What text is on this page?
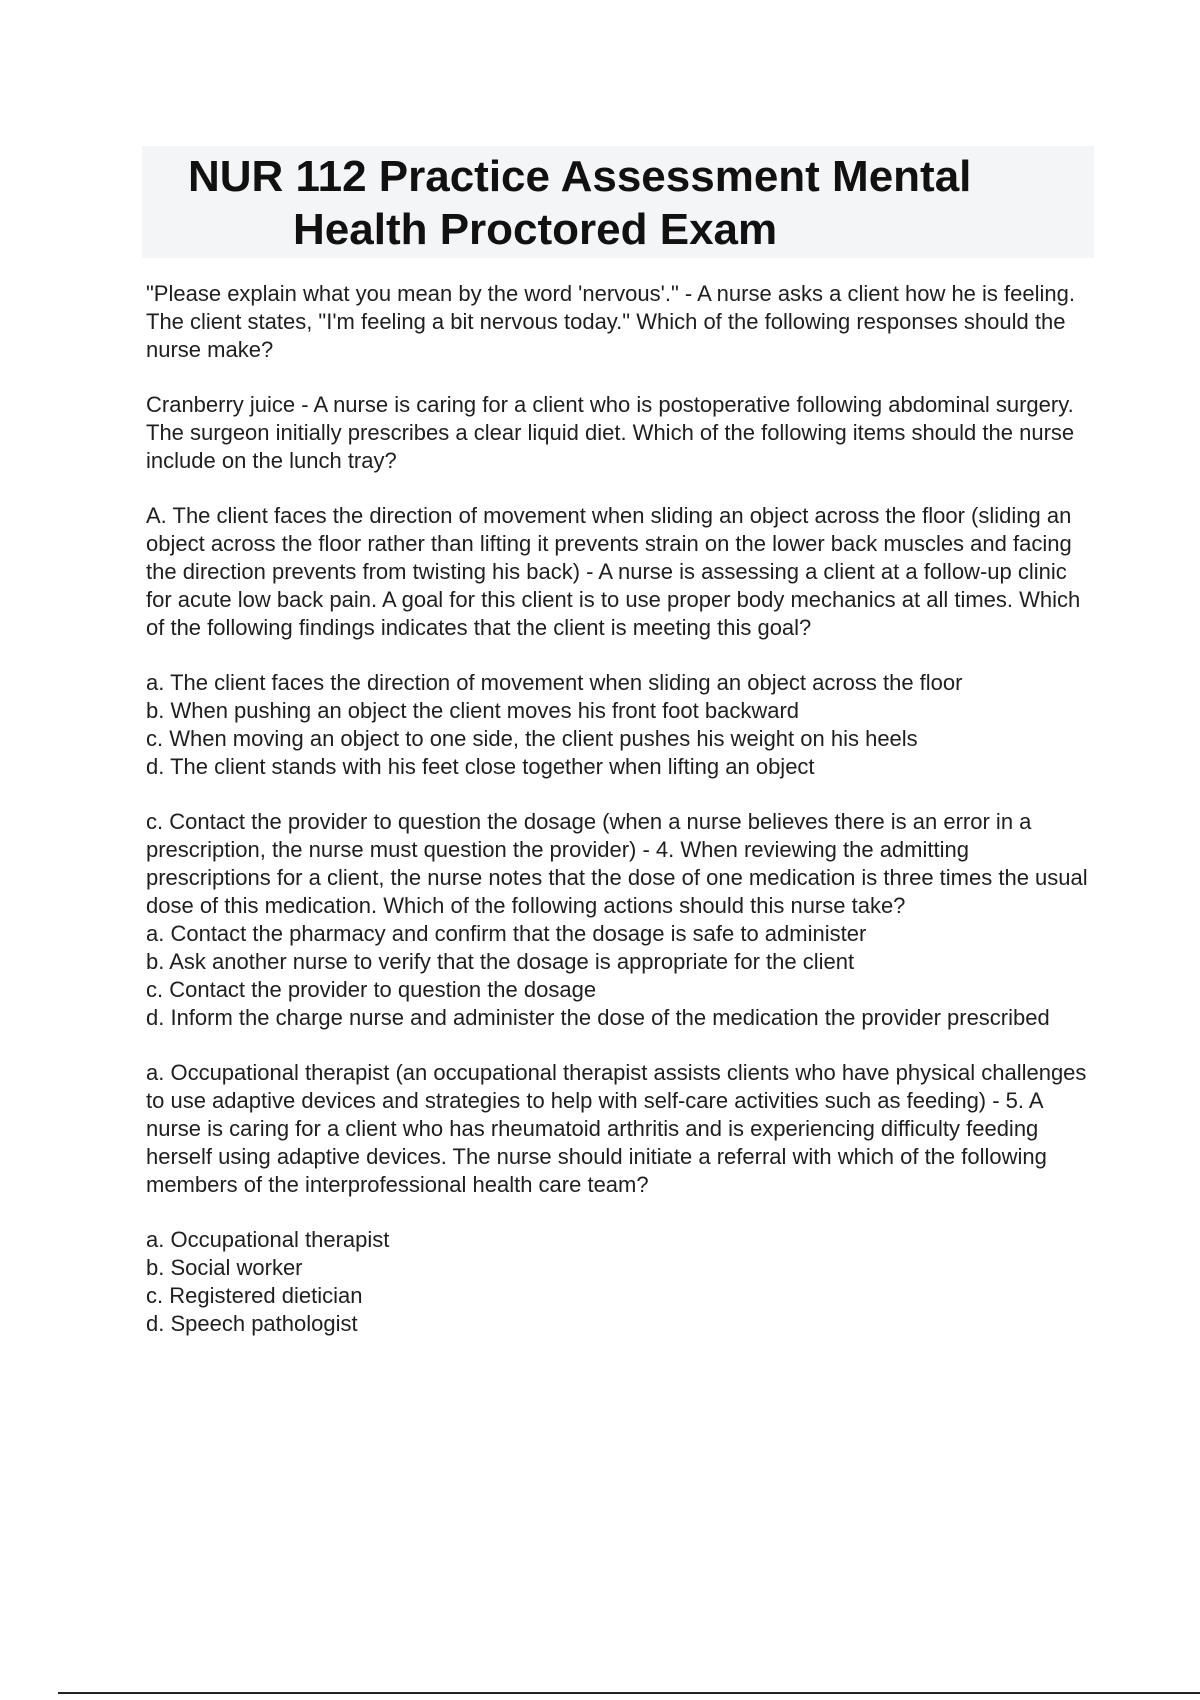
NUR 112 Practice Assessment Mental
Health Proctored Exam

"Please explain what you mean by the word 'nervous'." - A nurse asks a client how he is feeling. The client states, "I'm feeling a bit nervous today." Which of the following responses should the nurse make?

Cranberry juice - A nurse is caring for a client who is postoperative following abdominal surgery. The surgeon initially prescribes a clear liquid diet. Which of the following items should the nurse include on the lunch tray?

A. The client faces the direction of movement when sliding an object across the floor (sliding an object across the floor rather than lifting it prevents strain on the lower back muscles and facing the direction prevents from twisting his back) - A nurse is assessing a client at a follow-up clinic for acute low back pain. A goal for this client is to use proper body mechanics at all times. Which of the following findings indicates that the client is meeting this goal?

a. The client faces the direction of movement when sliding an object across the floor
b. When pushing an object the client moves his front foot backward
c. When moving an object to one side, the client pushes his weight on his heels
d. The client stands with his feet close together when lifting an object

c. Contact the provider to question the dosage (when a nurse believes there is an error in a prescription, the nurse must question the provider) - 4. When reviewing the admitting prescriptions for a client, the nurse notes that the dose of one medication is three times the usual dose of this medication. Which of the following actions should this nurse take?

a. Contact the pharmacy and confirm that the dosage is safe to administer
b. Ask another nurse to verify that the dosage is appropriate for the client
c. Contact the provider to question the dosage
d. Inform the charge nurse and administer the dose of the medication the provider prescribed

a. Occupational therapist (an occupational therapist assists clients who have physical challenges to use adaptive devices and strategies to help with self-care activities such as feeding) - 5. A nurse is caring for a client who has rheumatoid arthritis and is experiencing difficulty feeding herself using adaptive devices. The nurse should initiate a referral with which of the following members of the interprofessional health care team?

a. Occupational therapist
b. Social worker
c. Registered dietician
d. Speech pathologist
